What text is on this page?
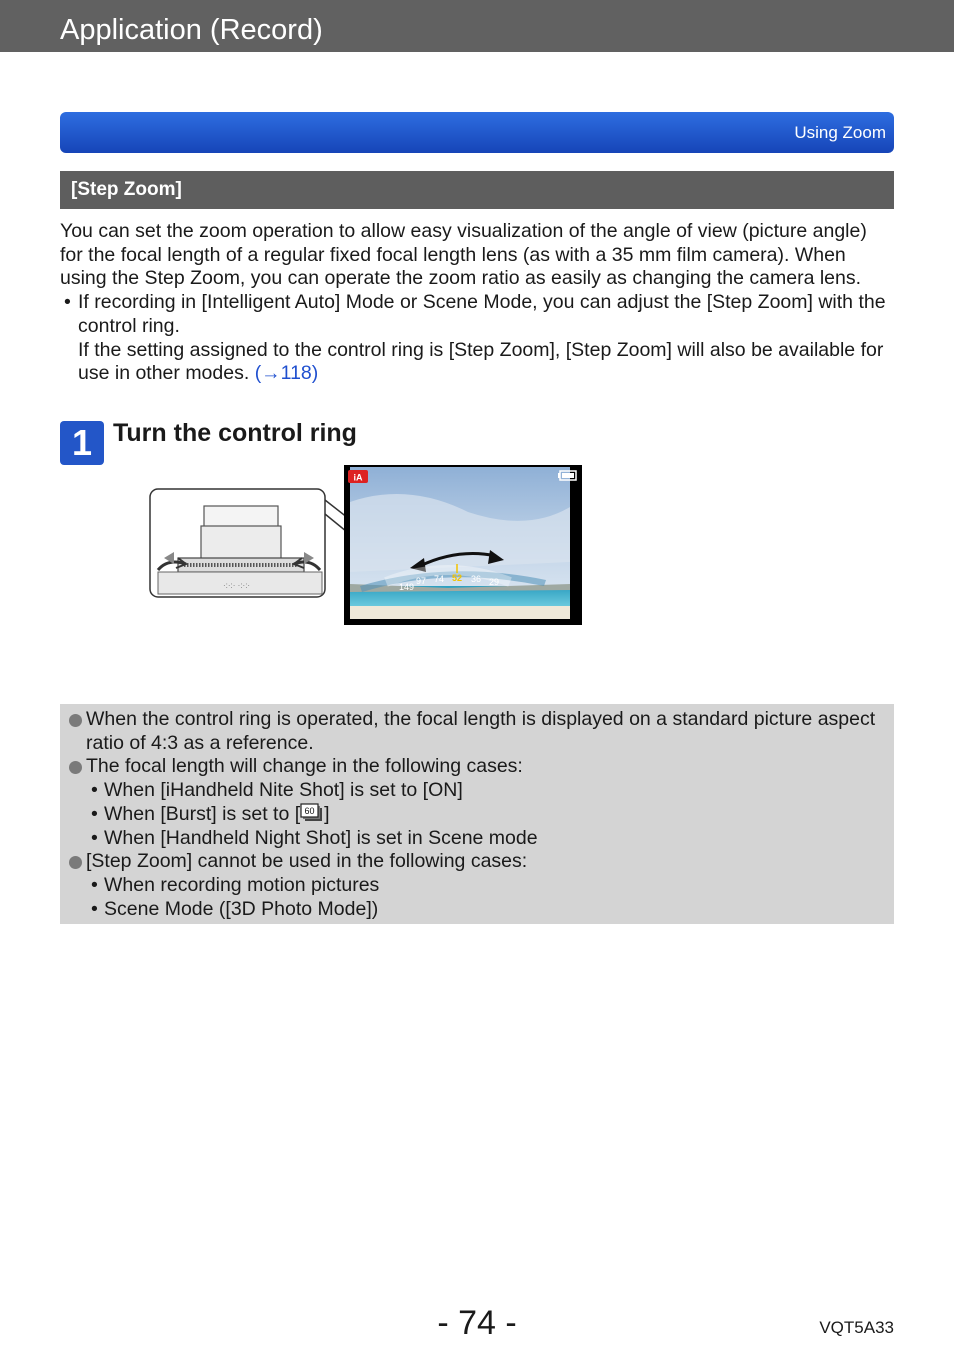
Application (Record)
Using Zoom
[Step Zoom]

You can set the zoom operation to allow easy visualization of the angle of view (picture angle) for the focal length of a regular fixed focal length lens (as with a 35 mm film camera). When using the Step Zoom, you can operate the zoom ratio as easily as changing the camera lens.

• If recording in [Intelligent Auto] Mode or Scene Mode, you can adjust the [Step Zoom] with the control ring.
If the setting assigned to the control ring is [Step Zoom], [Step Zoom] will also be available for use in other modes. (→118)
1 Turn the control ring
·:·:· ·:·:·
iA
149
97 74 52 36 29
When the control ring is operated, the focal length is displayed on a standard picture aspect ratio of 4:3 as a reference.
The focal length will change in the following cases:
• When [iHandheld Nite Shot] is set to [ON]
• When [Burst] is set to [ 60 ]
• When [Handheld Night Shot] is set in Scene mode
[Step Zoom] cannot be used in the following cases:
• When recording motion pictures
• Scene Mode ([3D Photo Mode])
- 74 -	VQT5A33
